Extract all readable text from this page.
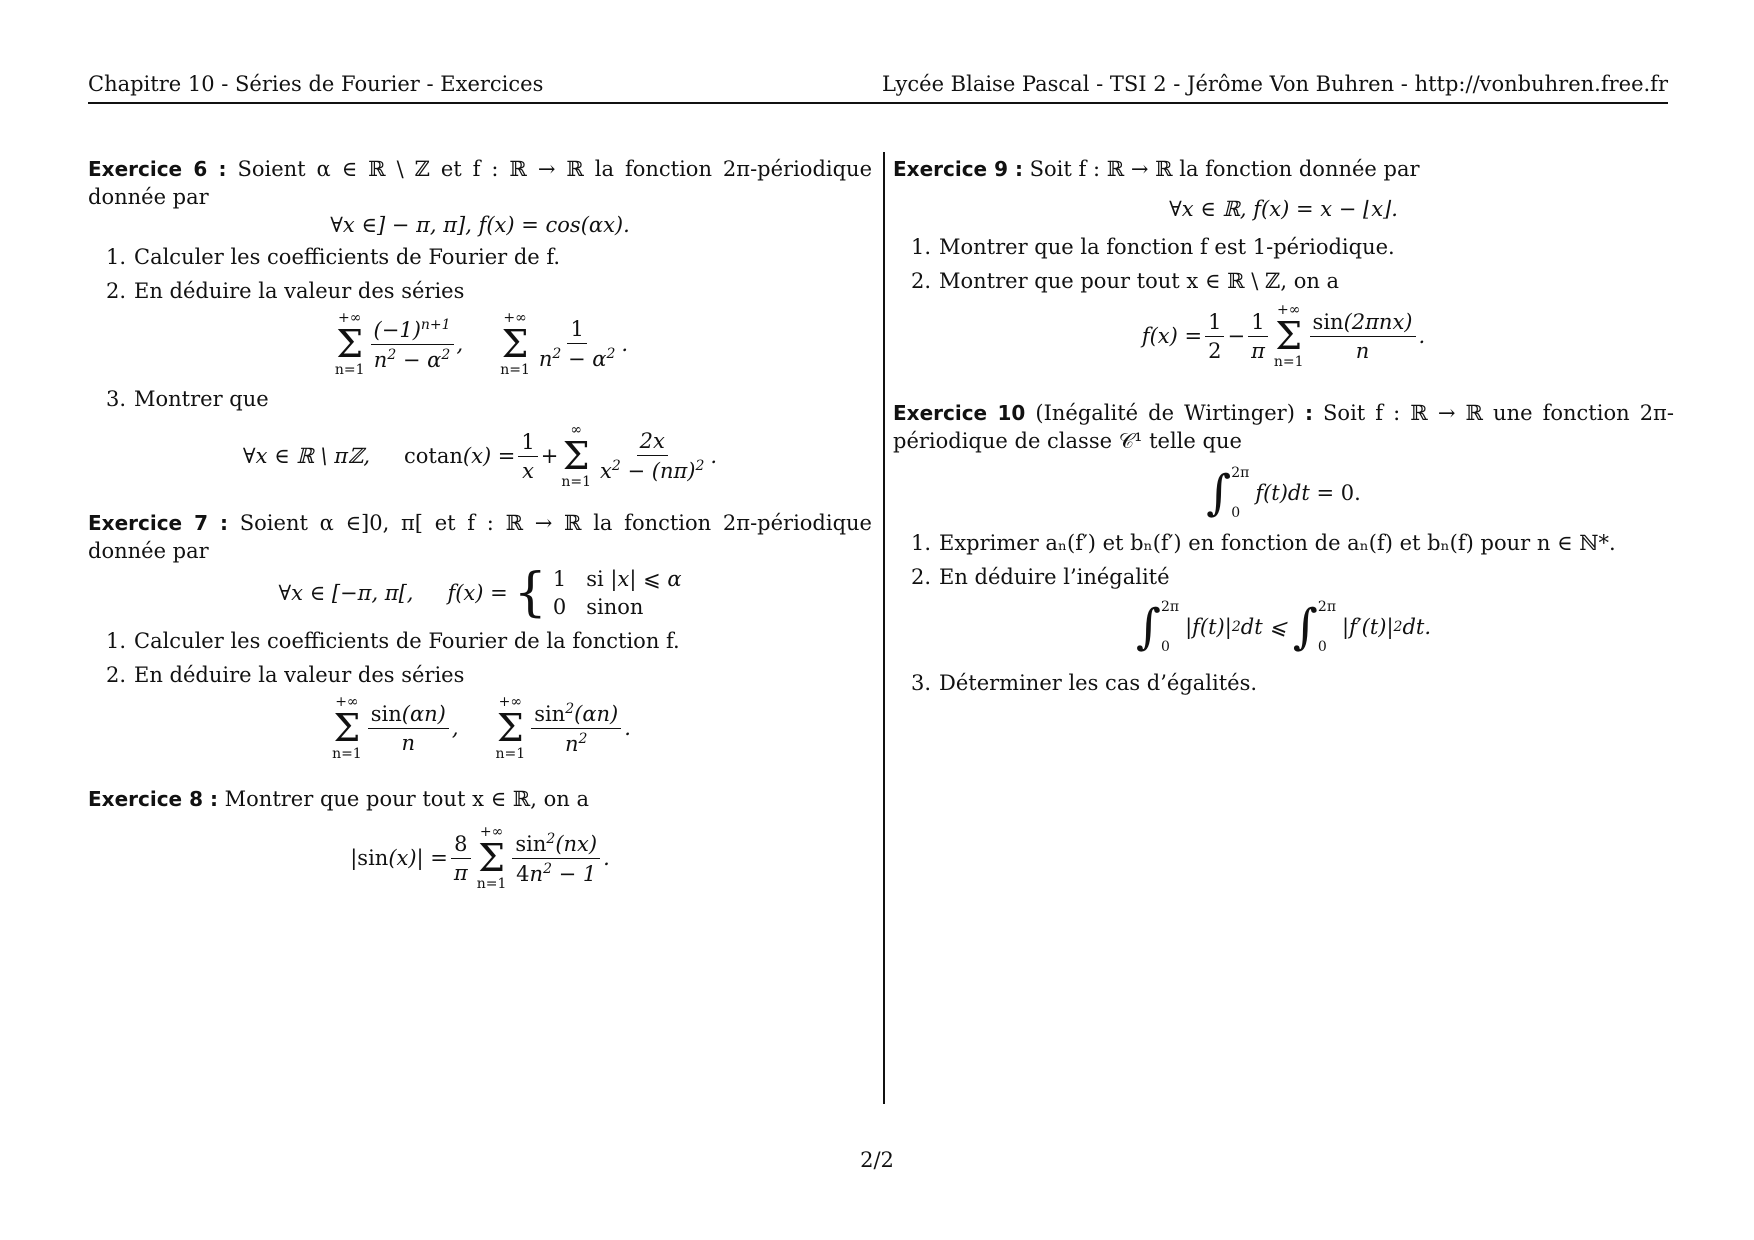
Chapitre 10 - Séries de Fourier - Exercices	Lycée Blaise Pascal - TSI 2 - Jérôme Von Buhren - http://vonbuhren.free.fr
Exercice 6 : Soient α ∈ ℝ \ ℤ et f : ℝ → ℝ la fonction 2π-périodique donnée par
∀x ∈] − π, π], f(x) = cos(αx).
1. Calculer les coefficients de Fourier de f.
2. En déduire la valeur des séries
+∞
Σ
$n=1 \frac{(-1)^{n+1}}{n^2 - \alpha^2}$ ,
+∞
Σ
$n=1 \frac{1}{n^2 - \alpha^2}$ .
3. Montrer que
∀x ∈ ℝ \ πℤ, cotan $(x) = \frac{1}{x}$ +
∞
Σ
$n=1 \frac{2x}{x^2 - (n\pi)^2}$ .
Exercice 7 : Soient α ∈]0, π[ et f : ℝ → ℝ la fonction 2π-périodique donnée par
∀x ∈ [−π, π[, f(x) = { 1   si |x| ⩽ α
0   sinon
1. Calculer les coefficients de Fourier de la fonction f.
2. En déduire la valeur des séries
+∞
Σ
$n=1 \frac{\sin(\alpha n)}{n}$ ,
+∞
Σ
$n=1 \frac{\sin^2(\alpha n)}{n^2}$ .
Exercice 8 : Montrer que pour tout x ∈ ℝ, on a
| $\sin (x)| = \frac{8}{\pi}$ +∞
Σ
$n=1 \frac{\sin^2(nx)}{4n^2 - 1}$ .
Exercice 9 : Soit f : ℝ → ℝ la fonction donnée par
∀x ∈ ℝ, f(x) = x − ⌊x⌋.
1. Montrer que la fonction f est 1-périodique.
2. Montrer que pour tout x ∈ ℝ \ ℤ, on a
$f(x) = \frac{1}{2} - \frac{1}{\pi}$ +∞
Σ
$n=1 \frac{\text{sin(2πnx)}}{n}$ .
Exercice 10 (Inégalité de Wirtinger) : Soit f : ℝ → ℝ une fonction 2π-périodique de classe 𝒞¹ telle que
∫ 2π
0
f(t)dt = 0.
1. Exprimer aₙ(f′) et bₙ(f′) en fonction de aₙ(f) et bₙ(f) pour n ∈ ℕ*.
2. En déduire l’inégalité
∫ 2π
0
|f(t)| 2 dt ⩽ ∫ 2π
0
|f′(t)| 2 dt.
3. Déterminer les cas d’égalités.
2/2
